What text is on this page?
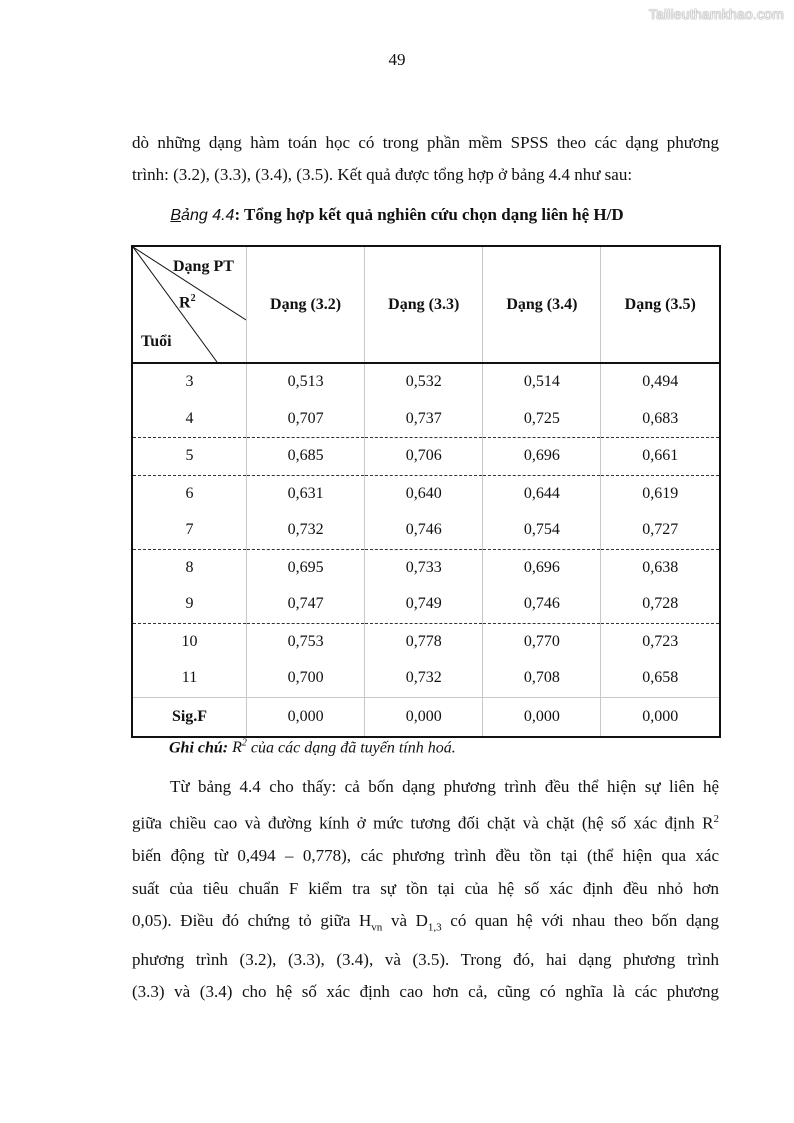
Tailieuthamkhao.com
49

dò những dạng hàm toán học có trong phần mềm SPSS theo các dạng phương

trình: (3.2), (3.3), (3.4), (3.5). Kết quả được tổng hợp ở bảng 4.4 như sau:

Bảng 4.4: Tổng hợp kết quả nghiên cứu chọn dạng liên hệ H/D
Dạng PT
$R^2$
Tuổi	Dạng (3.2)	Dạng (3.3)	Dạng (3.4)	Dạng (3.5)
3	0,513	0,532	0,514	0,494
4	0,707	0,737	0,725	0,683
5	0,685	0,706	0,696	0,661
6	0,631	0,640	0,644	0,619
7	0,732	0,746	0,754	0,727
8	0,695	0,733	0,696	0,638
9	0,747	0,749	0,746	0,728
10	0,753	0,778	0,770	0,723
11	0,700	0,732	0,708	0,658
Sig.F	0,000	0,000	0,000	0,000
Ghi chú: $R^2$ của các dạng đã tuyến tính hoá.

Từ bảng 4.4 cho thấy: cả bốn dạng phương trình đều thể hiện sự liên hệ

giữa chiều cao và đường kính ở mức tương đối chặt và chặt (hệ số xác định $R^2$

biến động từ 0,494 – 0,778), các phương trình đều tồn tại (thể hiện qua xác

suất của tiêu chuẩn F kiểm tra sự tồn tại của hệ số xác định đều nhỏ hơn

0,05). Điều đó chứng tỏ giữa $H_{vn}$ và $D_{1,3}$ có quan hệ với nhau theo bốn dạng

phương trình (3.2), (3.3), (3.4), và (3.5). Trong đó, hai dạng phương trình

(3.3) và (3.4) cho hệ số xác định cao hơn cả, cũng có nghĩa là các phương
